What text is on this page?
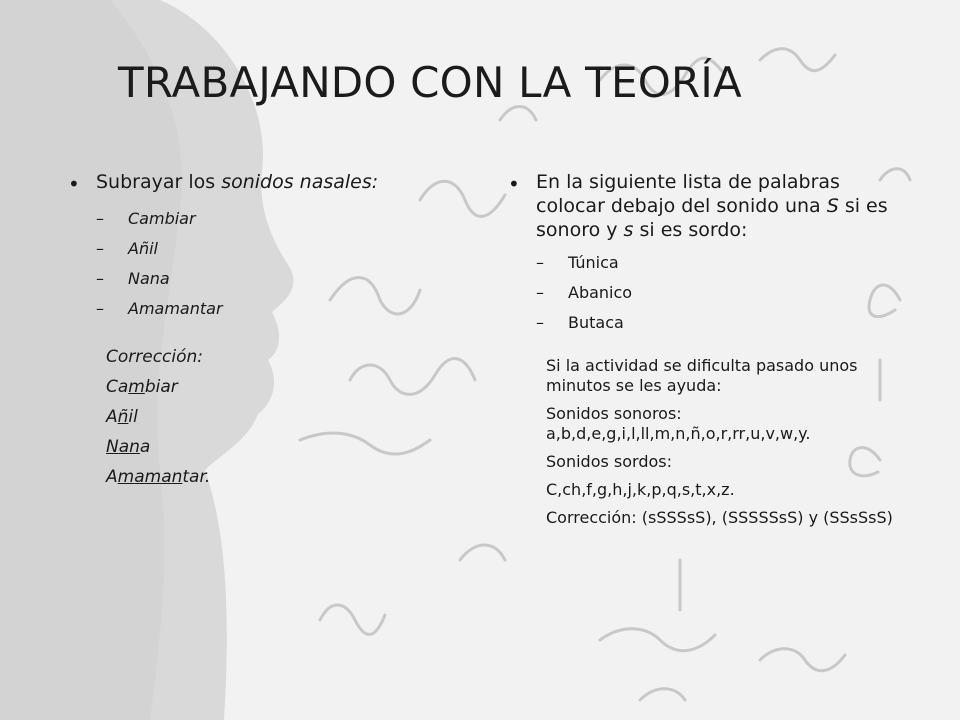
TRABAJANDO CON LA TEORÍA
• Subrayar los sonidos nasales:
–	Cambiar
–	Añil
–	Nana
–	Amamantar
Corrección:
Cambiar
Añil
Nana
Amamantar.
• En la siguiente lista de palabras colocar debajo del sonido una S si es sonoro y s si es sordo:
–	Túnica
–	Abanico
–	Butaca

Si la actividad se dificulta pasado unos minutos se les ayuda:

Sonidos sonoros: a,b,d,e,g,i,l,ll,m,n,ñ,o,r,rr,u,v,w,y.

Sonidos sordos:

C,ch,f,g,h,j,k,p,q,s,t,x,z.

Corrección: (sSSSsS), (SSSSSsS) y (SSsSsS)
